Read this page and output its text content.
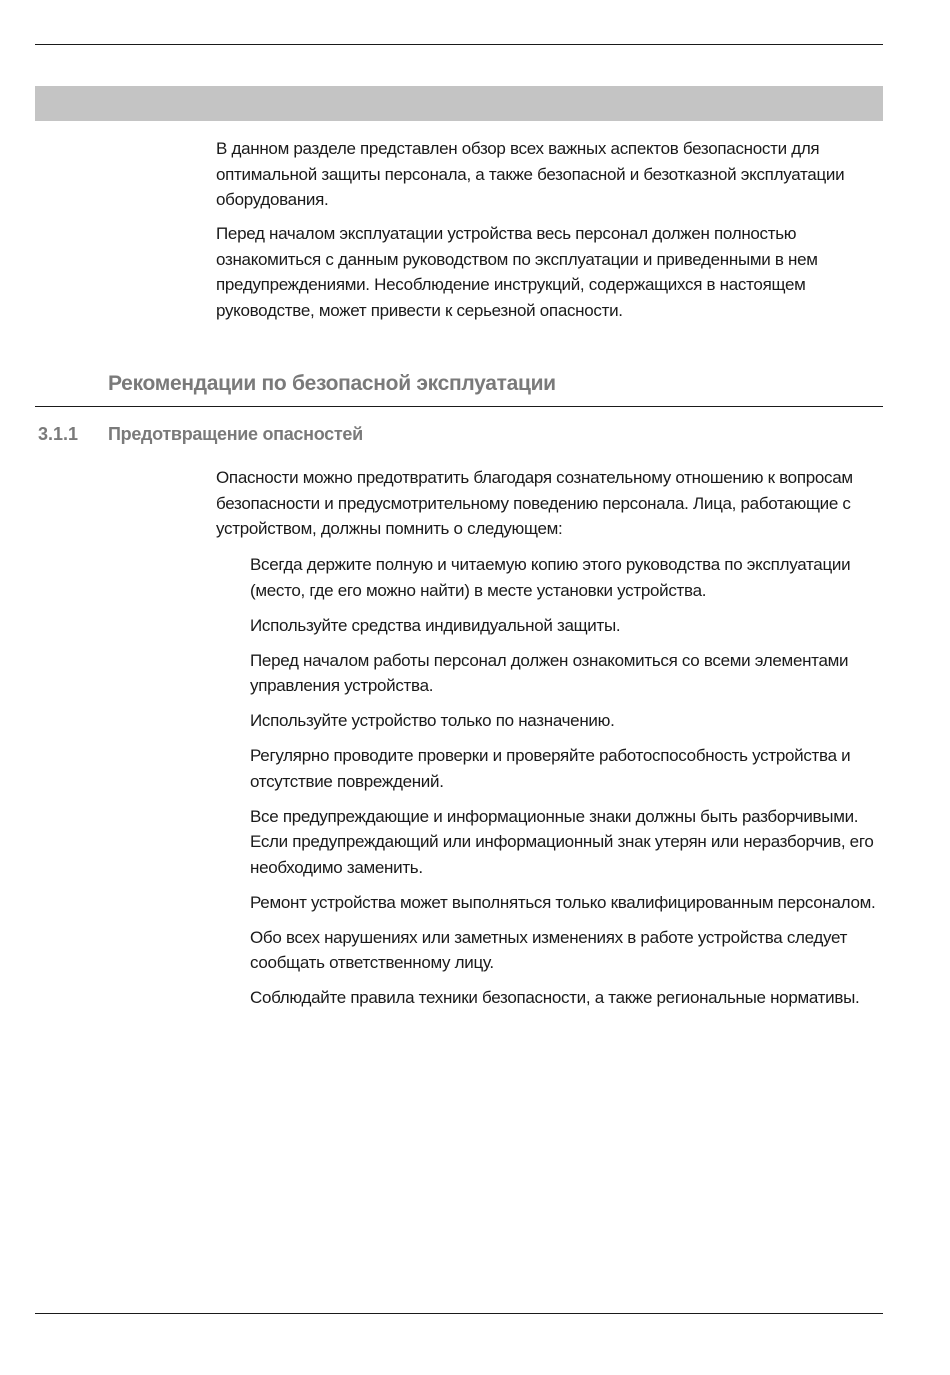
В данном разделе представлен обзор всех важных аспектов безопасности для оптимальной защиты персонала, а также безопасной и безотказной эксплуатации оборудования.

Перед началом эксплуатации устройства весь персонал должен полностью ознакомиться с данным руководством по эксплуатации и приведенными в нем предупреждениями. Несоблюдение инструкций, содержащихся в настоящем руководстве, может привести к серьезной опасности.

Рекомендации по безопасной эксплуатации
3.1.1 Предотвращение опасностей

Опасности можно предотвратить благодаря сознательному отношению к вопросам безопасности и предусмотрительному поведению персонала. Лица, работающие с устройством, должны помнить о следующем:

Всегда держите полную и читаемую копию этого руководства по эксплуатации (место, где его можно найти) в месте установки устройства.
Используйте средства индивидуальной защиты.
Перед началом работы персонал должен ознакомиться со всеми элементами управления устройства.
Используйте устройство только по назначению.
Регулярно проводите проверки и проверяйте работоспособность устройства и отсутствие повреждений.
Все предупреждающие и информационные знаки должны быть разборчивыми. Если предупреждающий или информационный знак утерян или неразборчив, его необходимо заменить.
Ремонт устройства может выполняться только квалифицированным персоналом.
Обо всех нарушениях или заметных изменениях в работе устройства следует сообщать ответственному лицу.
Соблюдайте правила техники безопасности, а также региональные нормативы.
